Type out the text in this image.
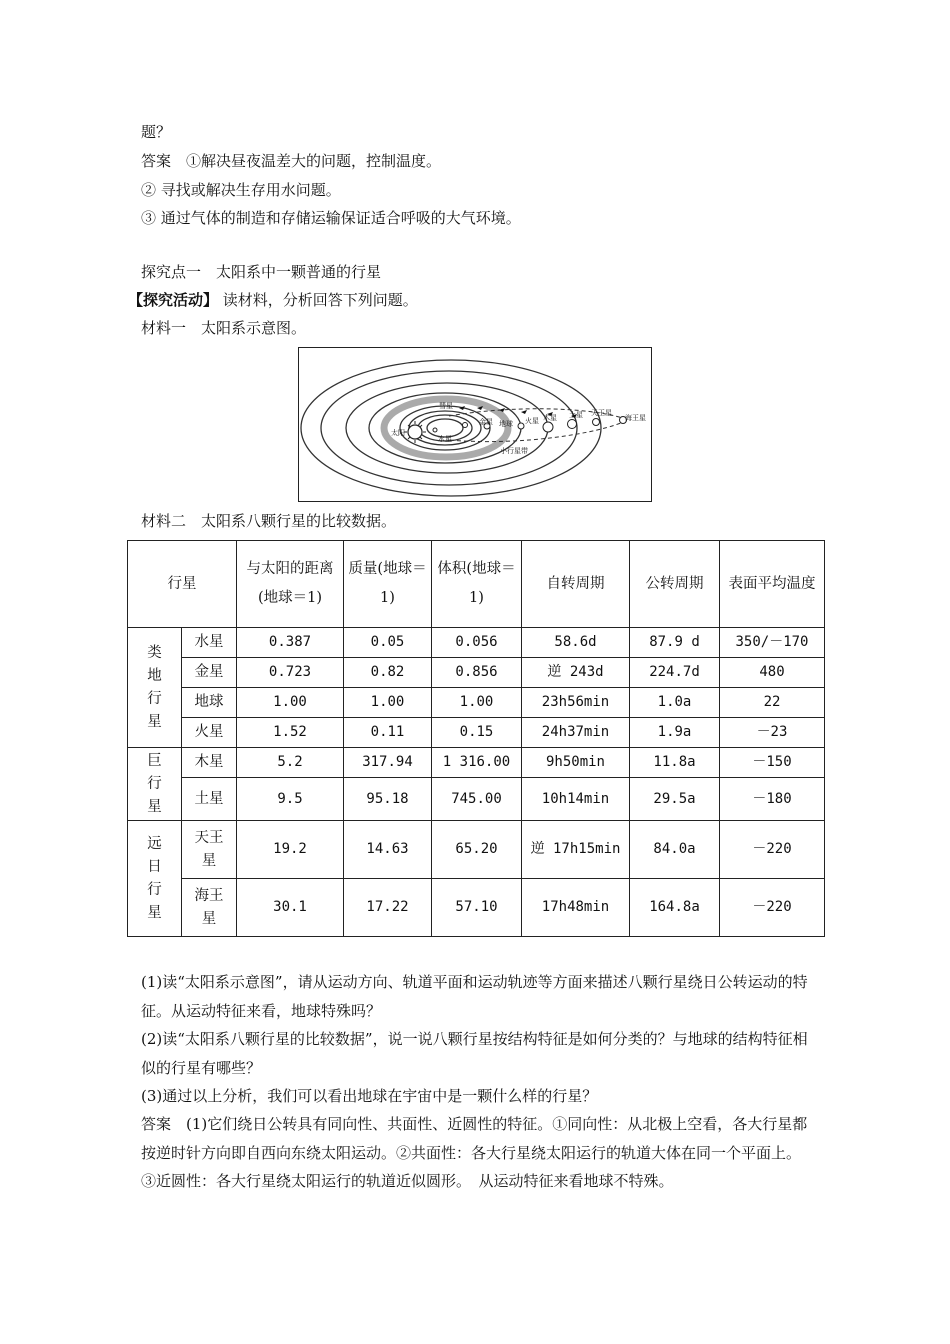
题？
答案  ①解决昼夜温差大的问题，控制温度。
② 寻找或解决生存用水问题。
③ 通过气体的制造和存储运输保证适合呼吸的大气环境。
探究点一　太阳系中一颗普通的行星
【探究活动】 读材料，分析回答下列问题。
材料一　太阳系示意图。
彗星
太阳
水星
金星 地球 火星 木星 土星 天王星
海王星
小行星带
材料二　太阳系八颗行星的比较数据。
行星		与太阳的距离(地球＝1)	质量(地球＝1)	体积(地球＝1)	自转周期	公转周期	表面平均温度
类地行星	水星	0.387	0.05	0.056	58.6d	87.9 d	350/－170
	金星	0.723	0.82	0.856	逆 243d	224.7d	480
	地球	1.00	1.00	1.00	23h56min	1.0a	22
	火星	1.52	0.11	0.15	24h37min	1.9a	－23
巨行星	木星	5.2	317.94	1 316.00	9h50min	11.8a	－150
	土星	9.5	95.18	745.00	10h14min	29.5a	－180
远日行星	天王星	19.2	14.63	65.20	逆 17h15min	84.0a	－220
	海王星	30.1	17.22	57.10	17h48min	164.8a	－220
(1)读“太阳系示意图”，请从运动方向、轨道平面和运动轨迹等方面来描述八颗行星绕日公转运动的特征。从运动特征来看，地球特殊吗？
(2)读“太阳系八颗行星的比较数据”，说一说八颗行星按结构特征是如何分类的？与地球的结构特征相似的行星有哪些？
(3)通过以上分析，我们可以看出地球在宇宙中是一颗什么样的行星？
答案  (1)它们绕日公转具有同向性、共面性、近圆性的特征。①同向性：从北极上空看，各大行星都按逆时针方向即自西向东绕太阳运动。②共面性：各大行星绕太阳运行的轨道大体在同一个平面上。③近圆性：各大行星绕太阳运行的轨道近似圆形。　从运动特征来看地球不特殊。
